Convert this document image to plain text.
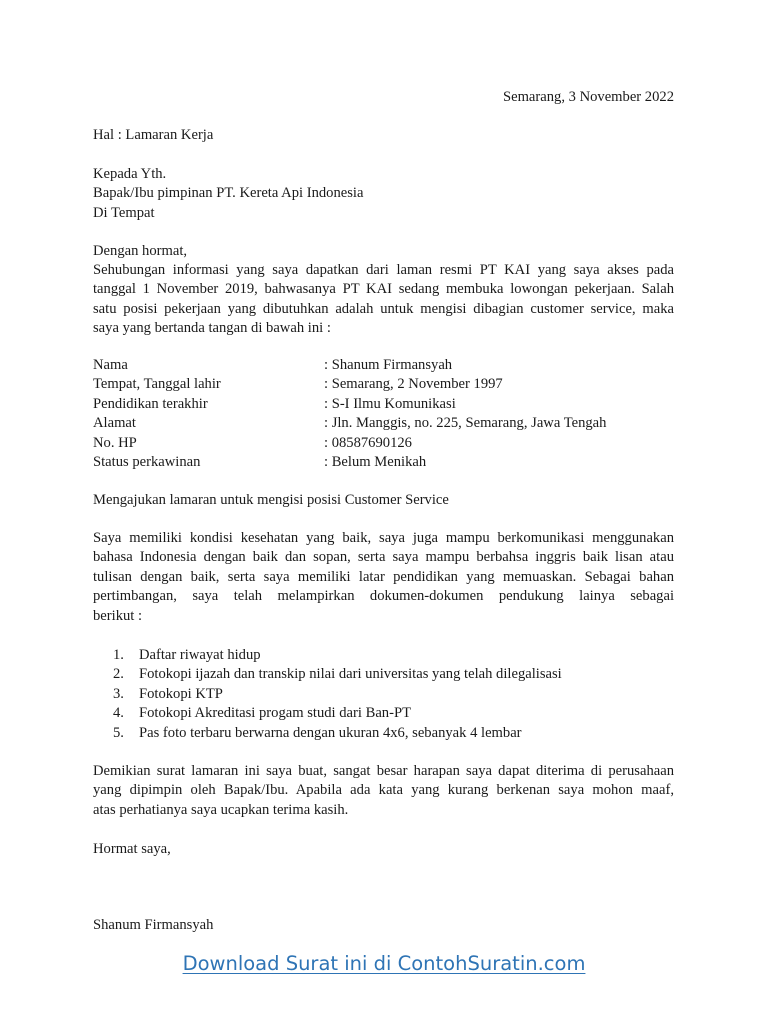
Semarang, 3 November 2022
Hal : Lamaran Kerja
Kepada Yth.
Bapak/Ibu pimpinan PT. Kereta Api Indonesia
Di Tempat
Dengan hormat,
Sehubungan informasi yang saya dapatkan dari laman resmi PT KAI yang saya akses pada
tanggal 1 November 2019, bahwasanya PT KAI sedang membuka lowongan pekerjaan. Salah
satu posisi pekerjaan yang dibutuhkan adalah untuk mengisi dibagian customer service, maka
saya yang bertanda tangan di bawah ini :
Nama	: Shanum Firmansyah
Tempat, Tanggal lahir	: Semarang, 2 November 1997
Pendidikan terakhir	: S-I Ilmu Komunikasi
Alamat	: Jln. Manggis, no. 225, Semarang, Jawa Tengah
No. HP	: 08587690126
Status perkawinan	: Belum Menikah
Mengajukan lamaran untuk mengisi posisi Customer Service
Saya memiliki kondisi kesehatan yang baik, saya juga mampu berkomunikasi menggunakan
bahasa Indonesia dengan baik dan sopan, serta saya mampu berbahsa inggris baik lisan atau
tulisan dengan baik, serta saya memiliki latar pendidikan yang memuaskan. Sebagai bahan
pertimbangan, saya telah melampirkan dokumen-dokumen pendukung lainya sebagai
berikut :
1.	Daftar riwayat hidup
2.	Fotokopi ijazah dan transkip nilai dari universitas yang telah dilegalisasi
3.	Fotokopi KTP
4.	Fotokopi Akreditasi progam studi dari Ban-PT
5.	Pas foto terbaru berwarna dengan ukuran 4x6, sebanyak 4 lembar
Demikian surat lamaran ini saya buat, sangat besar harapan saya dapat diterima di perusahaan
yang dipimpin oleh Bapak/Ibu. Apabila ada kata yang kurang berkenan saya mohon maaf,
atas perhatianya saya ucapkan terima kasih.
Hormat saya,
Shanum Firmansyah
Download Surat ini di ContohSuratin.com
